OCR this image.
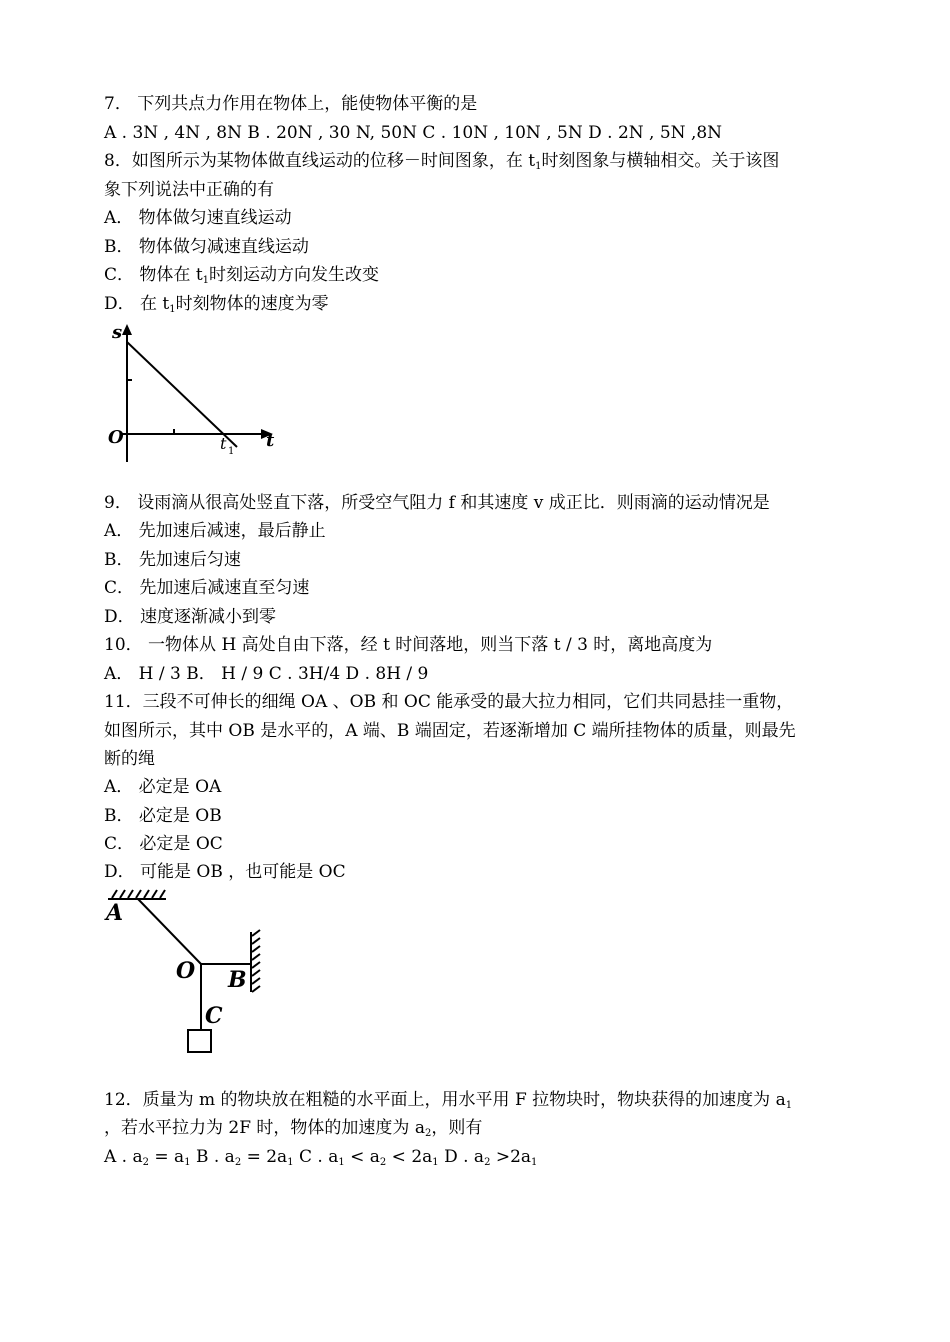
7． 下列共点力作用在物体上，能使物体平衡的是
A . 3N , 4N , 8N B . 20N , 30 N, 50N C . 10N , 10N , 5N D . 2N , 5N ,8N
8．如图所示为某物体做直线运动的位移－时间图象，在 $t_1$时刻图象与横轴相交。关于该图
象下列说法中正确的有
A． 物体做匀速直线运动
B． 物体做匀减速直线运动
C． 物体在 $t_1$时刻运动方向发生改变
D． 在 $t_1$时刻物体的速度为零
s
O	t
t 1
9． 设雨滴从很高处竖直下落，所受空气阻力 f 和其速度 v 成正比．则雨滴的运动情况是
A． 先加速后减速，最后静止
B． 先加速后匀速
C． 先加速后减速直至匀速
D． 速度逐渐减小到零
10． 一物体从 H 高处自由下落，经 t 时间落地，则当下落 t / 3 时，离地高度为
A． H / 3 B． H / 9 C . 3H/4 D . 8H / 9
11．三段不可伸长的细绳 OA 、OB 和 OC 能承受的最大拉力相同，它们共同悬挂一重物，
如图所示，其中 OB 是水平的，A 端、B 端固定，若逐渐增加 C 端所挂物体的质量，则最先
断的绳
A． 必定是 OA
B． 必定是 OB
C． 必定是 OC
D． 可能是 OB ，也可能是 OC
A
O B
C
12．质量为 m 的物块放在粗糙的水平面上，用水平用 F 拉物块时，物块获得的加速度为 $a_1$
，若水平拉力为 2F 时，物体的加速度为 $a_2$，则有
A . $a_2 = a_1$ B . $a_2 = 2a_1$ C . $a_1 < a_2 < 2a_1$ D . $a_2 >2a_1$
